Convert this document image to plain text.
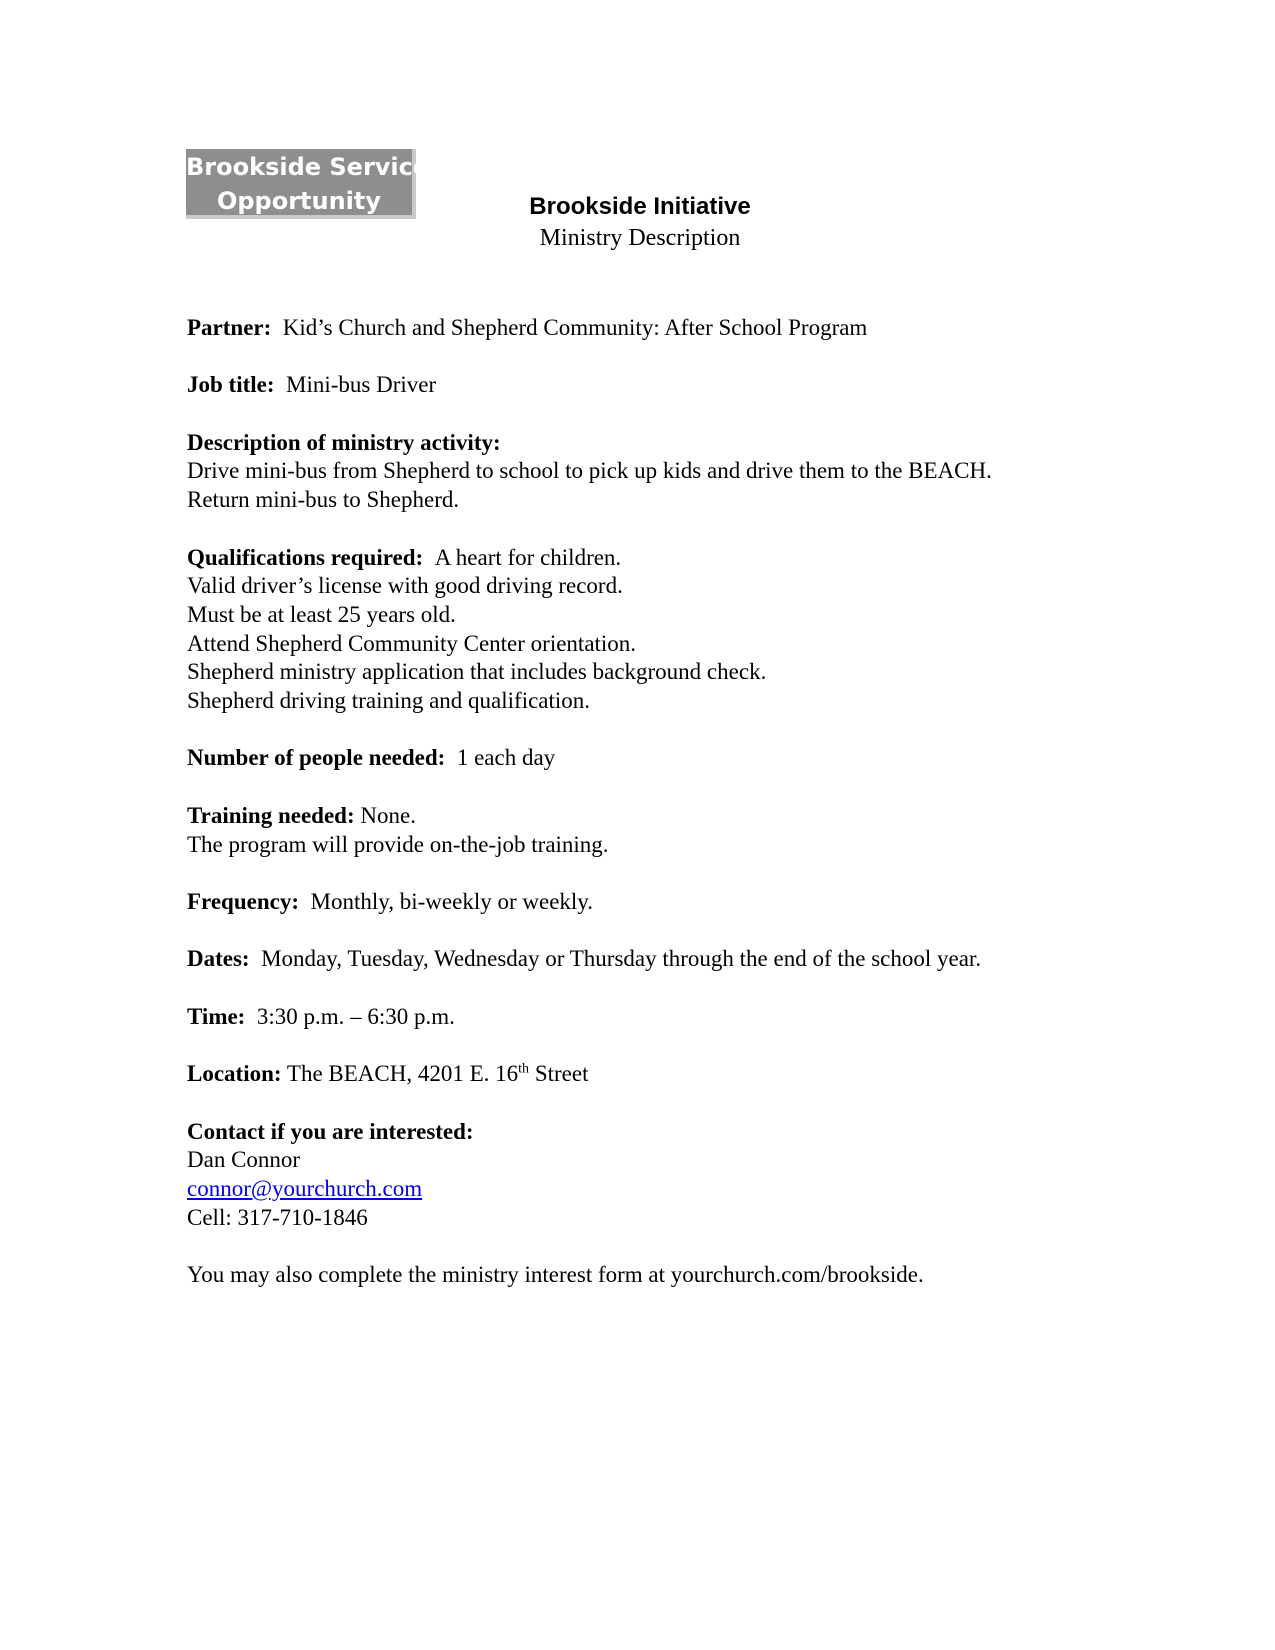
Brookside Service
Opportunity	Brookside Initiative
Ministry Description
Partner: Kid’s Church and Shepherd Community: After School Program
Job title: Mini-bus Driver
Description of ministry activity:
Drive mini-bus from Shepherd to school to pick up kids and drive them to the BEACH.
Return mini-bus to Shepherd.
Qualifications required: A heart for children.
Valid driver’s license with good driving record.
Must be at least 25 years old.
Attend Shepherd Community Center orientation.
Shepherd ministry application that includes background check.
Shepherd driving training and qualification.
Number of people needed: 1 each day
Training needed: None.
The program will provide on-the-job training.
Frequency: Monthly, bi-weekly or weekly.
Dates: Monday, Tuesday, Wednesday or Thursday through the end of the school year.
Time: 3:30 p.m. – 6:30 p.m.
Location: The BEACH, 4201 E. 16th Street
Contact if you are interested:
Dan Connor
connor@yourchurch.com
Cell: 317-710-1846
You may also complete the ministry interest form at yourchurch.com/brookside.
